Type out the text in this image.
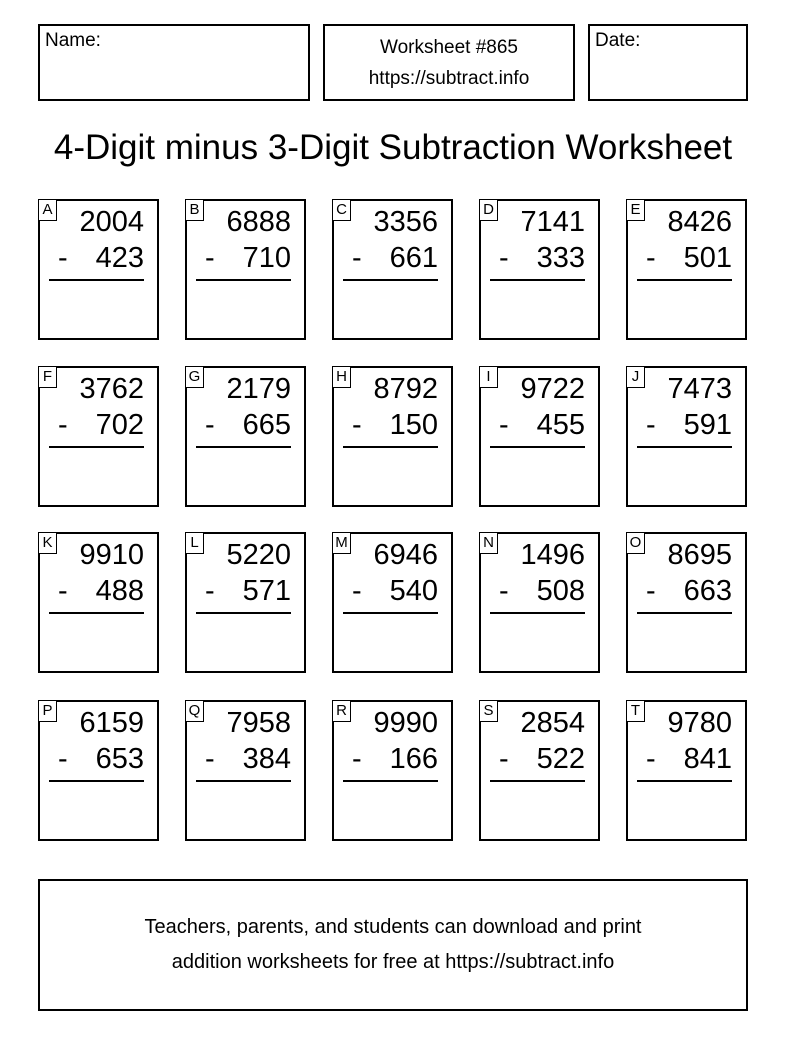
Name:	Worksheet #865
https://subtract.info
Date:
4-Digit minus 3-Digit Subtraction Worksheet
A 2004
- 423
B 6888
- 710
C 3356
- 661
D 7141
- 333
E 8426
- 501
F 3762
- 702
G 2179
- 665
H 8792
- 150
I 9722
- 455
J 7473
- 591
K 9910
- 488
L 5220
- 571
M 6946
- 540
N 1496
- 508
O 8695
- 663
P 6159
- 653
Q 7958
- 384
R 9990
- 166
S 2854
- 522
T 9780
- 841
Teachers, parents, and students can download and print
addition worksheets for free at https://subtract.info
